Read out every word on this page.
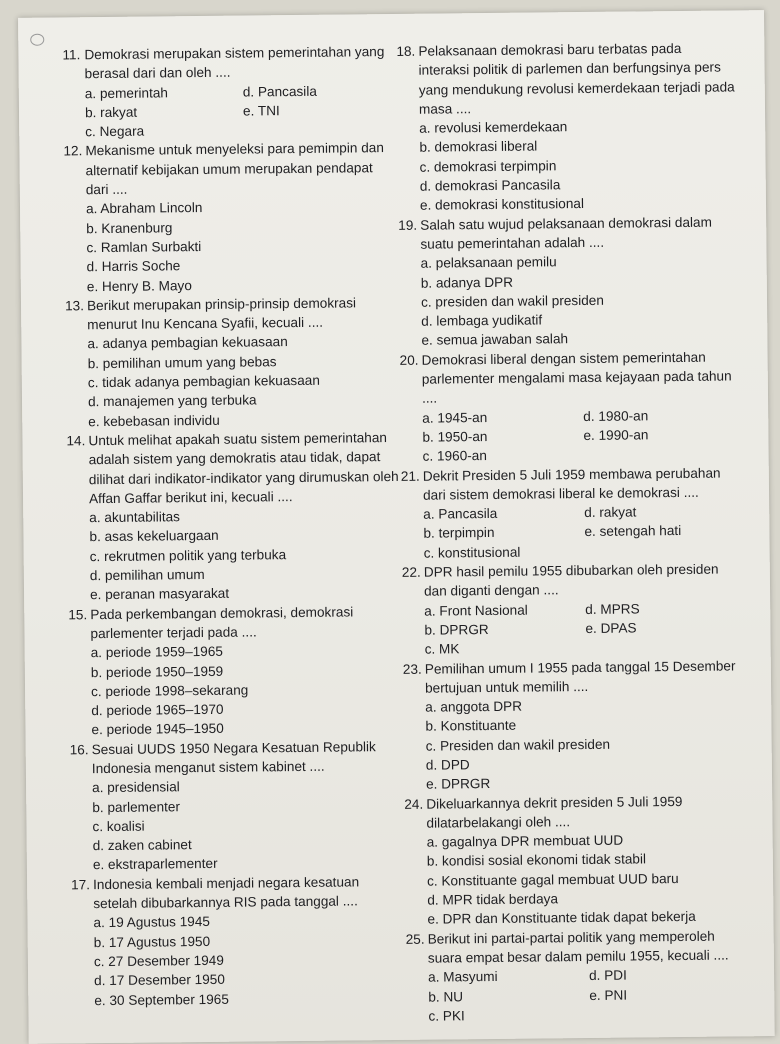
11. Demokrasi merupakan sistem pemerintahan yang berasal dari dan oleh ....
a. pemerintah	d. Pancasila
b. rakyat	e. TNI
c. Negara
12. Mekanisme untuk menyeleksi para pemimpin dan alternatif kebijakan umum merupakan pendapat dari ....
a. Abraham Lincoln
b. Kranenburg
c. Ramlan Surbakti
d. Harris Soche
e. Henry B. Mayo
13. Berikut merupakan prinsip-prinsip demokrasi menurut Inu Kencana Syafii, kecuali ....
a. adanya pembagian kekuasaan
b. pemilihan umum yang bebas
c. tidak adanya pembagian kekuasaan
d. manajemen yang terbuka
e. kebebasan individu
14. Untuk melihat apakah suatu sistem pemerintahan adalah sistem yang demokratis atau tidak, dapat dilihat dari indikator-indikator yang dirumuskan oleh Affan Gaffar berikut ini, kecuali ....
a. akuntabilitas
b. asas kekeluargaan
c. rekrutmen politik yang terbuka
d. pemilihan umum
e. peranan masyarakat
15. Pada perkembangan demokrasi, demokrasi parlementer terjadi pada ....
a. periode 1959–1965
b. periode 1950–1959
c. periode 1998–sekarang
d. periode 1965–1970
e. periode 1945–1950
16. Sesuai UUDS 1950 Negara Kesatuan Republik Indonesia menganut sistem kabinet ....
a. presidensial
b. parlementer
c. koalisi
d. zaken cabinet
e. ekstraparlementer
17. Indonesia kembali menjadi negara kesatuan setelah dibubarkannya RIS pada tanggal ....
a. 19 Agustus 1945
b. 17 Agustus 1950
c. 27 Desember 1949
d. 17 Desember 1950
e. 30 September 1965
18. Pelaksanaan demokrasi baru terbatas pada interaksi politik di parlemen dan berfungsinya pers yang mendukung revolusi kemerdekaan terjadi pada masa ....
a. revolusi kemerdekaan
b. demokrasi liberal
c. demokrasi terpimpin
d. demokrasi Pancasila
e. demokrasi konstitusional
19. Salah satu wujud pelaksanaan demokrasi dalam suatu pemerintahan adalah ....
a. pelaksanaan pemilu
b. adanya DPR
c. presiden dan wakil presiden
d. lembaga yudikatif
e. semua jawaban salah
20. Demokrasi liberal dengan sistem pemerintahan parlementer mengalami masa kejayaan pada tahun ....
a. 1945-an	d. 1980-an
b. 1950-an	e. 1990-an
c. 1960-an
21. Dekrit Presiden 5 Juli 1959 membawa perubahan dari sistem demokrasi liberal ke demokrasi ....
a. Pancasila	d. rakyat
b. terpimpin	e. setengah hati
c. konstitusional
22. DPR hasil pemilu 1955 dibubarkan oleh presiden dan diganti dengan ....
a. Front Nasional	d. MPRS
b. DPRGR	e. DPAS
c. MK
23. Pemilihan umum I 1955 pada tanggal 15 Desember bertujuan untuk memilih ....
a. anggota DPR
b. Konstituante
c. Presiden dan wakil presiden
d. DPD
e. DPRGR
24. Dikeluarkannya dekrit presiden 5 Juli 1959 dilatarbelakangi oleh ....
a. gagalnya DPR membuat UUD
b. kondisi sosial ekonomi tidak stabil
c. Konstituante gagal membuat UUD baru
d. MPR tidak berdaya
e. DPR dan Konstituante tidak dapat bekerja
25. Berikut ini partai-partai politik yang memperoleh suara empat besar dalam pemilu 1955, kecuali ....
a. Masyumi	d. PDI
b. NU	e. PNI
c. PKI
